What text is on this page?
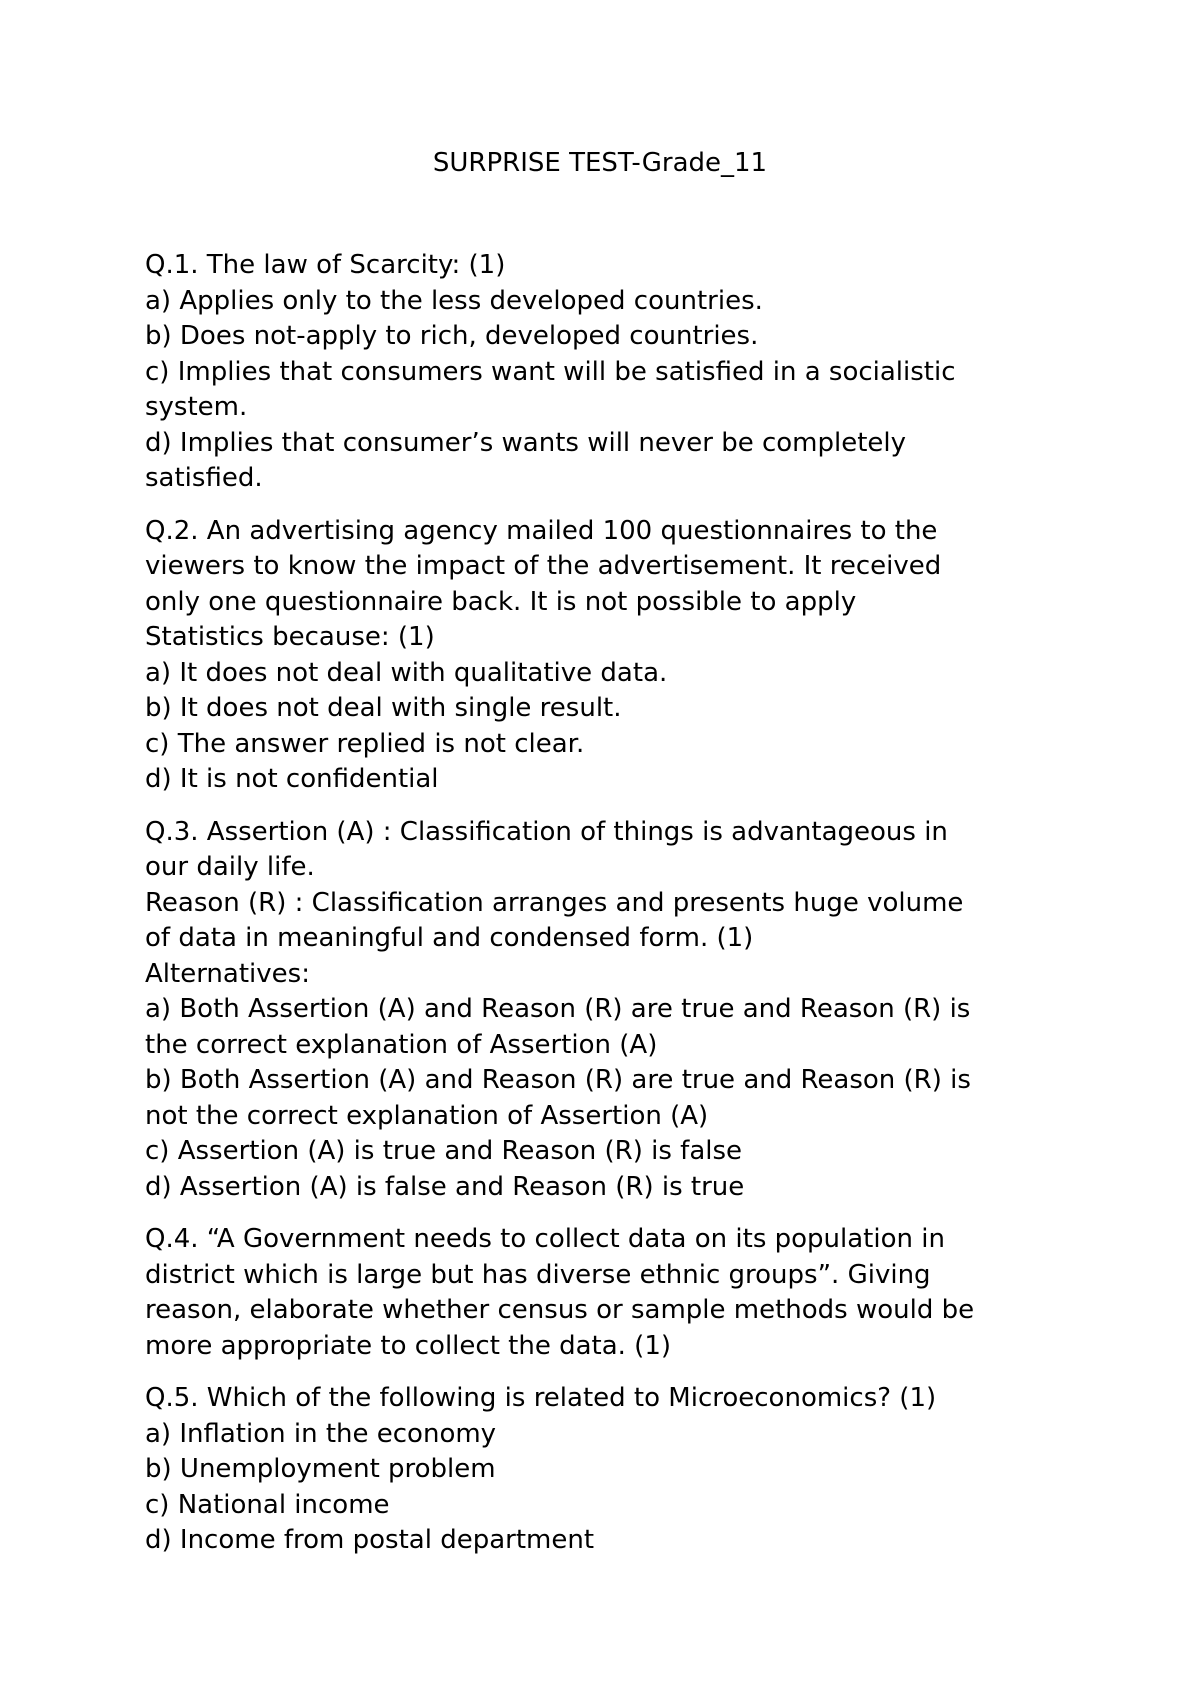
SURPRISE TEST-Grade_11
Q.1. The law of Scarcity: (1)
a) Applies only to the less developed countries.
b) Does not-apply to rich, developed countries.
c) Implies that consumers want will be satisfied in a socialistic
system.
d) Implies that consumer’s wants will never be completely
satisfied.
Q.2. An advertising agency mailed 100 questionnaires to the
viewers to know the impact of the advertisement. It received
only one questionnaire back. It is not possible to apply
Statistics because: (1)
a) It does not deal with qualitative data.
b) It does not deal with single result.
c) The answer replied is not clear.
d) It is not confidential
Q.3. Assertion (A) : Classification of things is advantageous in
our daily life.
Reason (R) : Classification arranges and presents huge volume
of data in meaningful and condensed form. (1)
Alternatives:
a) Both Assertion (A) and Reason (R) are true and Reason (R) is
the correct explanation of Assertion (A)
b) Both Assertion (A) and Reason (R) are true and Reason (R) is
not the correct explanation of Assertion (A)
c) Assertion (A) is true and Reason (R) is false
d) Assertion (A) is false and Reason (R) is true
Q.4. “A Government needs to collect data on its population in
district which is large but has diverse ethnic groups”. Giving
reason, elaborate whether census or sample methods would be
more appropriate to collect the data. (1)
Q.5. Which of the following is related to Microeconomics? (1)
a) Inflation in the economy
b) Unemployment problem
c) National income
d) Income from postal department
